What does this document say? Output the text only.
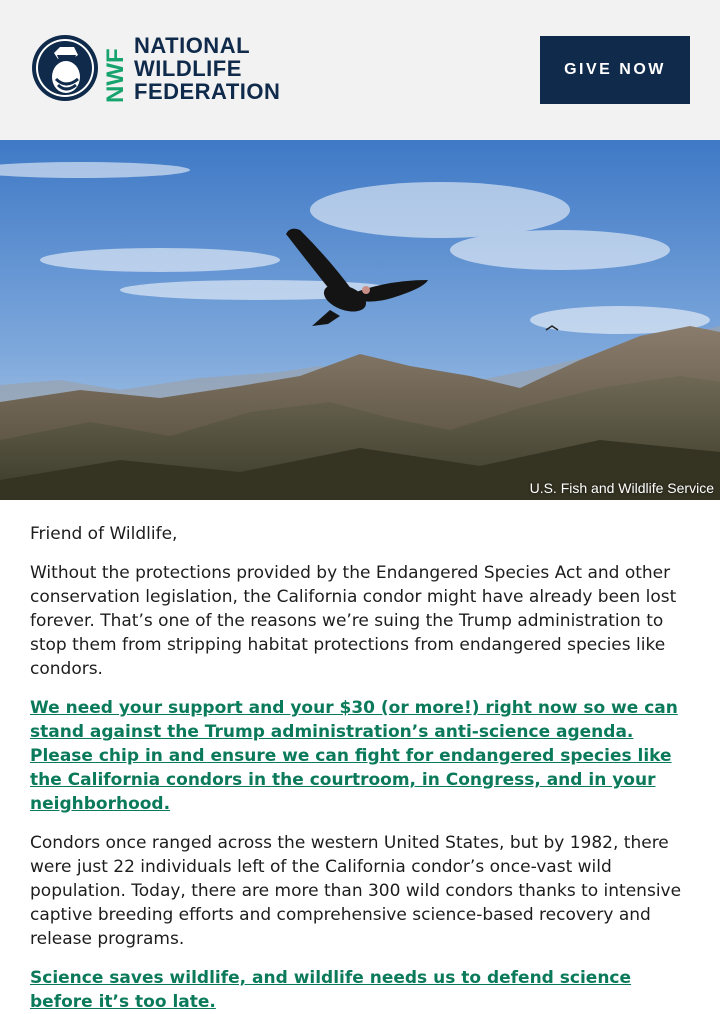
NWF
NATIONAL
WILDLIFE
FEDERATION
GIVE NOW
U.S. Fish and Wildlife Service

Friend of Wildlife,

Without the protections provided by the Endangered Species Act and other conservation legislation, the California condor might have already been lost forever. That’s one of the reasons we’re suing the Trump administration to stop them from stripping habitat protections from endangered species like condors.

We need your support and your $30 (or more!) right now so we can stand against the Trump administration’s anti-science agenda. Please chip in and ensure we can fight for endangered species like the California condors in the courtroom, in Congress, and in your neighborhood.

Condors once ranged across the western United States, but by 1982, there were just 22 individuals left of the California condor’s once-vast wild population. Today, there are more than 300 wild condors thanks to intensive captive breeding efforts and comprehensive science-based recovery and release programs.

Science saves wildlife, and wildlife needs us to defend science before it’s too late.
